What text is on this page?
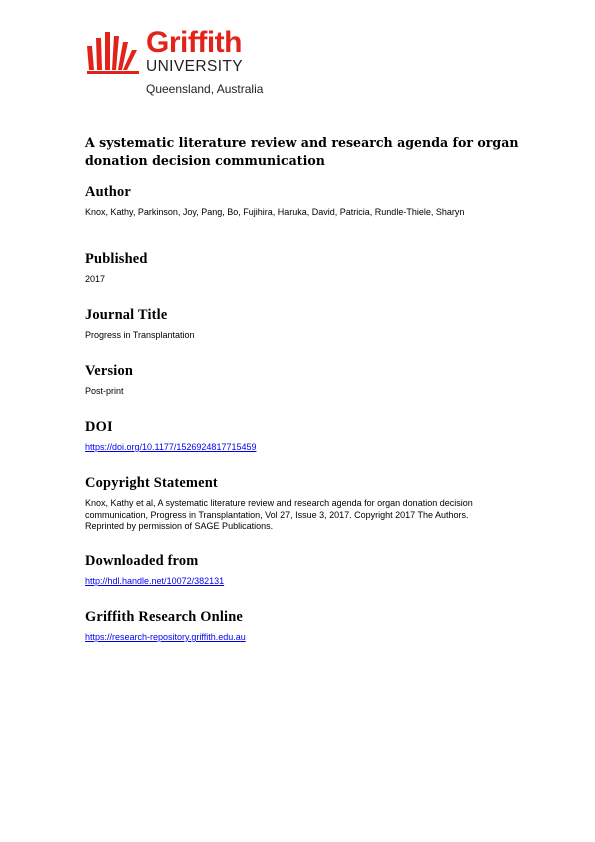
Griffith
UNIVERSITY
Queensland, Australia
A systematic literature review and research agenda for organ donation decision communication
Author

Knox, Kathy, Parkinson, Joy, Pang, Bo, Fujihira, Haruka, David, Patricia, Rundle-Thiele, Sharyn

Published

2017

Journal Title

Progress in Transplantation

Version

Post-print

DOI

https://doi.org/10.1177/1526924817715459

Copyright Statement

Knox, Kathy et al, A systematic literature review and research agenda for organ donation decision communication, Progress in Transplantation, Vol 27, Issue 3, 2017. Copyright 2017 The Authors. Reprinted by permission of SAGE Publications.

Downloaded from

http://hdl.handle.net/10072/382131

Griffith Research Online

https://research-repository.griffith.edu.au
